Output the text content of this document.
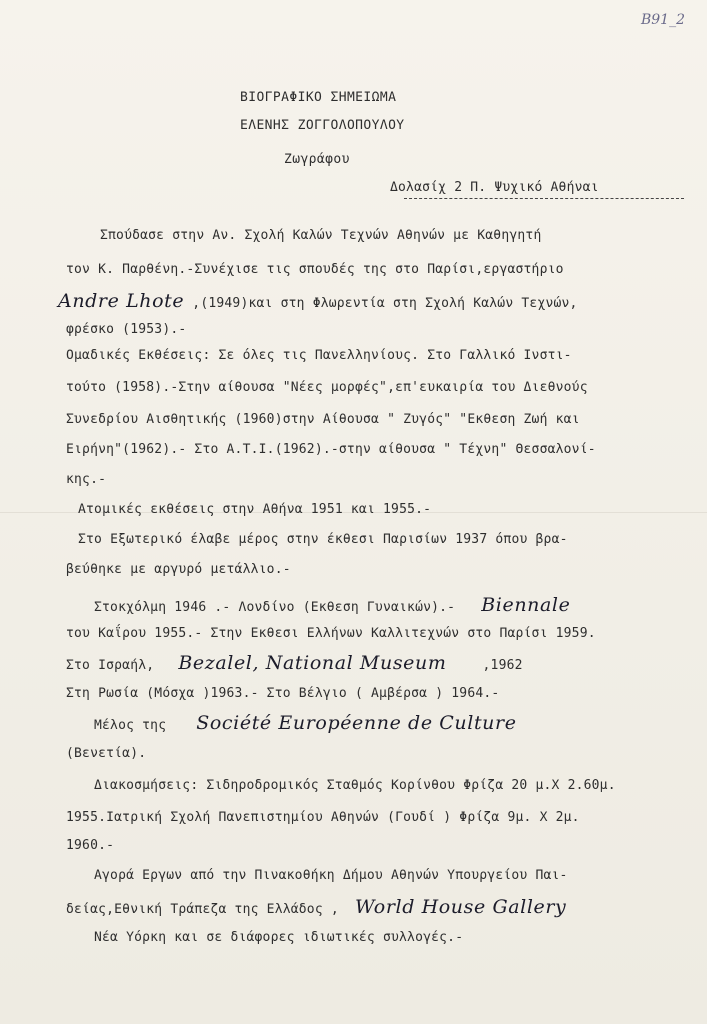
Β91_2
ΒΙΟΓΡΑΦΙΚΟ ΣΗΜΕΙΩΜΑ
ΕΛΕΝΗΣ ΖΟΓΓΟΛΟΠΟΥΛΟΥ
Ζωγράφου
Δολασίχ 2 Π. Ψυχικό Αθήναι
Σπούδασε στην Αν. Σχολή Καλών Τεχνών Αθηνών με Καθηγητή
τον Κ. Παρθένη.-Συνέχισε τις σπουδές της στο Παρίσι,εργαστήριο
Andre Lhote ,(1949)και στη Φλωρεντία στη Σχολή Καλών Τεχνών,
φρέσκο (1953).-
Ομαδικές Εκθέσεις: Σε όλες τις Πανελληνίους. Στο Γαλλικό Ινστι-
τούτο (1958).-Στην αίθουσα "Νέες μορφές",επ'ευκαιρία του Διεθνούς
Συνεδρίου Αισθητικής (1960)στην Αίθουσα " Ζυγός" "Εκθεση Ζωή και
Ειρήνη"(1962).- Στο Α.Τ.Ι.(1962).-στην αίθουσα " Τέχνη" Θεσσαλονί-
κης.-
Ατομικές εκθέσεις στην Αθήνα 1951 και 1955.-
Στο Εξωτερικό έλαβε μέρος στην έκθεσι Παρισίων 1937 όπου βρα-
βεύθηκε με αργυρό μετάλλιο.-
Στοκχόλμη 1946 .- Λονδίνο (Εκθεση Γυναικών).- Biennale
του Καΐρου 1955.- Στην Εκθεσι Ελλήνων Καλλιτεχνών στο Παρίσι 1959.
Στο Ισραήλ, Bezalel, National Museum	,1962
Στη Ρωσία (Μόσχα )1963.- Στο Βέλγιο ( Αμβέρσα ) 1964.-
Μέλος της Société Européenne de Culture
(Βενετία).
Διακοσμήσεις: Σιδηροδρομικός Σταθμός Κορίνθου Φρίζα 20 μ.Χ 2.60μ.
1955.Ιατρική Σχολή Πανεπιστημίου Αθηνών (Γουδί ) Φρίζα 9μ. Χ 2μ.
1960.-
Αγορά Εργων από την Πινακοθήκη Δήμου Αθηνών Υπουργείου Παι-
δείας,Εθνική Τράπεζα της Ελλάδος , World House Gallery
Νέα Υόρκη και σε διάφορες ιδιωτικές συλλογές.-
